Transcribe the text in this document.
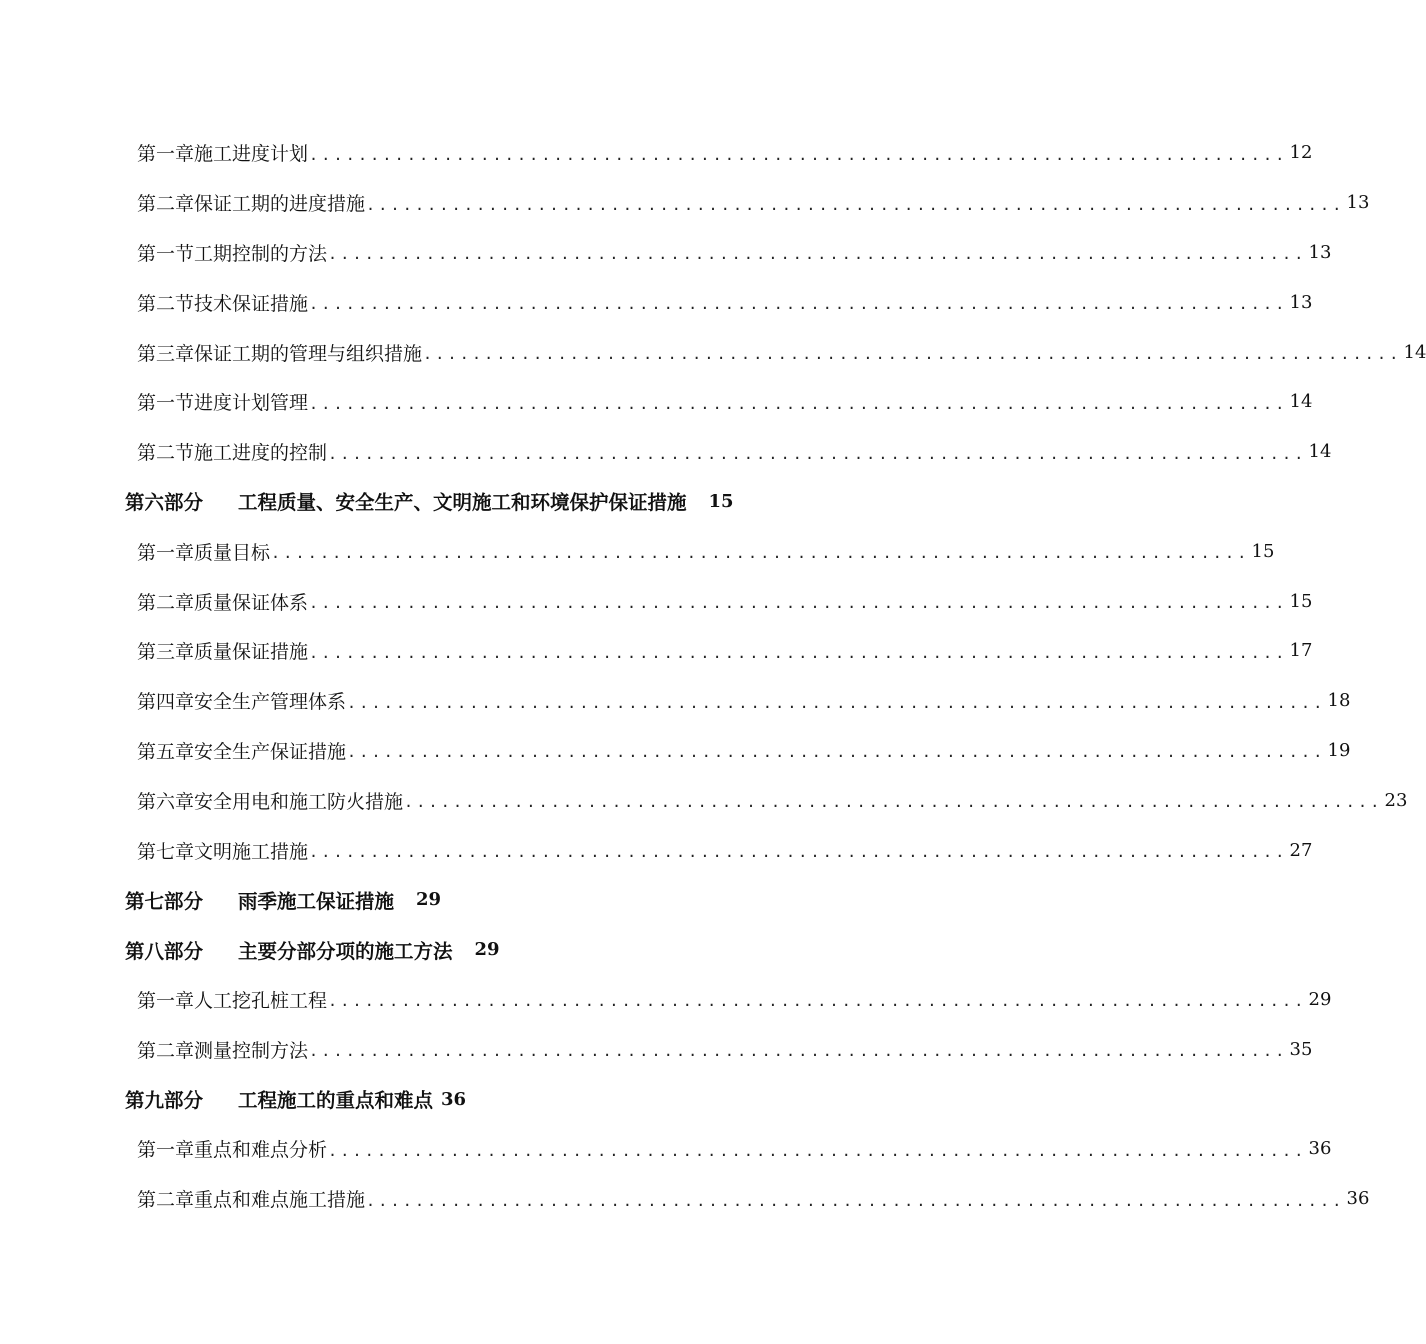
第一章 施工进度计划 ................................................................................ 12
第二章 保证工期的进度措施 ................................................................................ 13
第一节 工期控制的方法 ................................................................................ 13
第二节 技术保证措施 ................................................................................ 13
第三章 保证工期的管理与组织措施 ................................................................................ 14
第一节 进度计划管理 ................................................................................ 14
第二节 施工进度的控制 ................................................................................ 14
第六部分	工程质量、安全生产、文明施工和环境保护保证措施 15
第一章 质量目标 ................................................................................ 15
第二章 质量保证体系 ................................................................................ 15
第三章 质量保证措施 ................................................................................ 17
第四章 安全生产管理体系 ................................................................................ 18
第五章 安全生产保证措施 ................................................................................ 19
第六章 安全用电和施工防火措施 ................................................................................ 23
第七章 文明施工措施 ................................................................................ 27
第七部分	雨季施工保证措施 29
第八部分	主要分部分项的施工方法 29
第一章 人工挖孔桩工程 ................................................................................ 29
第二章 测量控制方法 ................................................................................ 35
第九部分	工程施工的重点和难点 36
第一章 重点和难点分析 ................................................................................ 36
第二章 重点和难点施工措施 ................................................................................ 36
